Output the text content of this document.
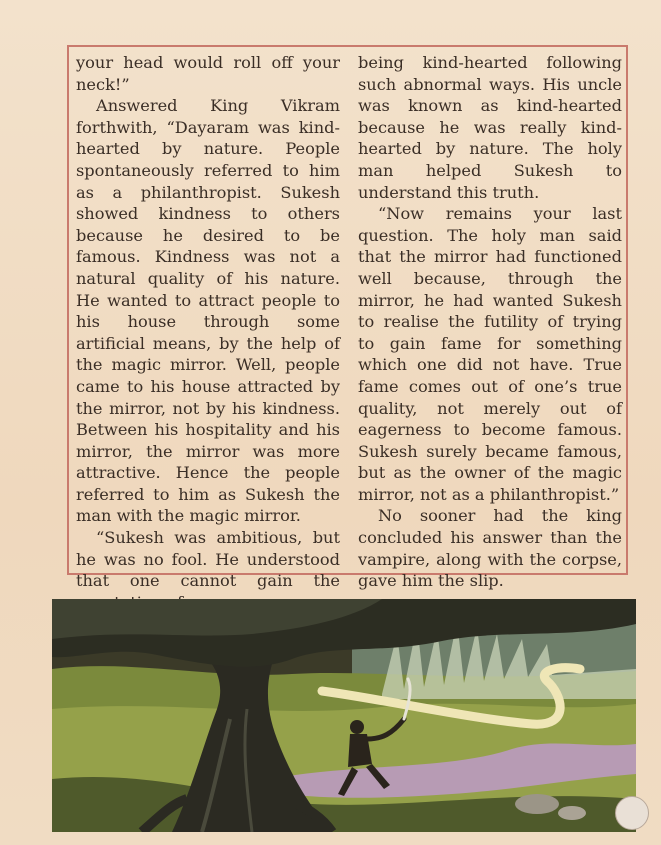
your head would roll off your neck!”

Answered King Vikram forthwith, “Dayaram was kind-hearted by nature. People spontaneously referred to him as a philanthropist. Sukesh showed kindness to others because he desired to be famous. Kindness was not a natural quality of his nature. He wanted to attract people to his house through some artificial means, by the help of the magic mirror. Well, people came to his house attracted by the mirror, not by his kindness. Between his hospitality and his mirror, the mirror was more attractive. Hence the people referred to him as Sukesh the man with the magic mirror.

“Sukesh was ambitious, but he was no fool. He understood that one cannot gain the

being kind-hearted following such abnormal ways. His uncle was known as kind-hearted because he was really kind-hearted by nature. The holy man helped Sukesh to understand this truth.

“Now remains your last question. The holy man said that the mirror had functioned well because, through the mirror, he had wanted Sukesh to realise the futility of trying to gain fame for something which one did not have. True fame comes out of one’s true quality, not merely out of eagerness to become famous. Sukesh surely became famous, but as the owner of the magic mirror, not as a philanthropist.”

No sooner had the king concluded his answer than the vampire, along with the corpse, gave him the slip.
